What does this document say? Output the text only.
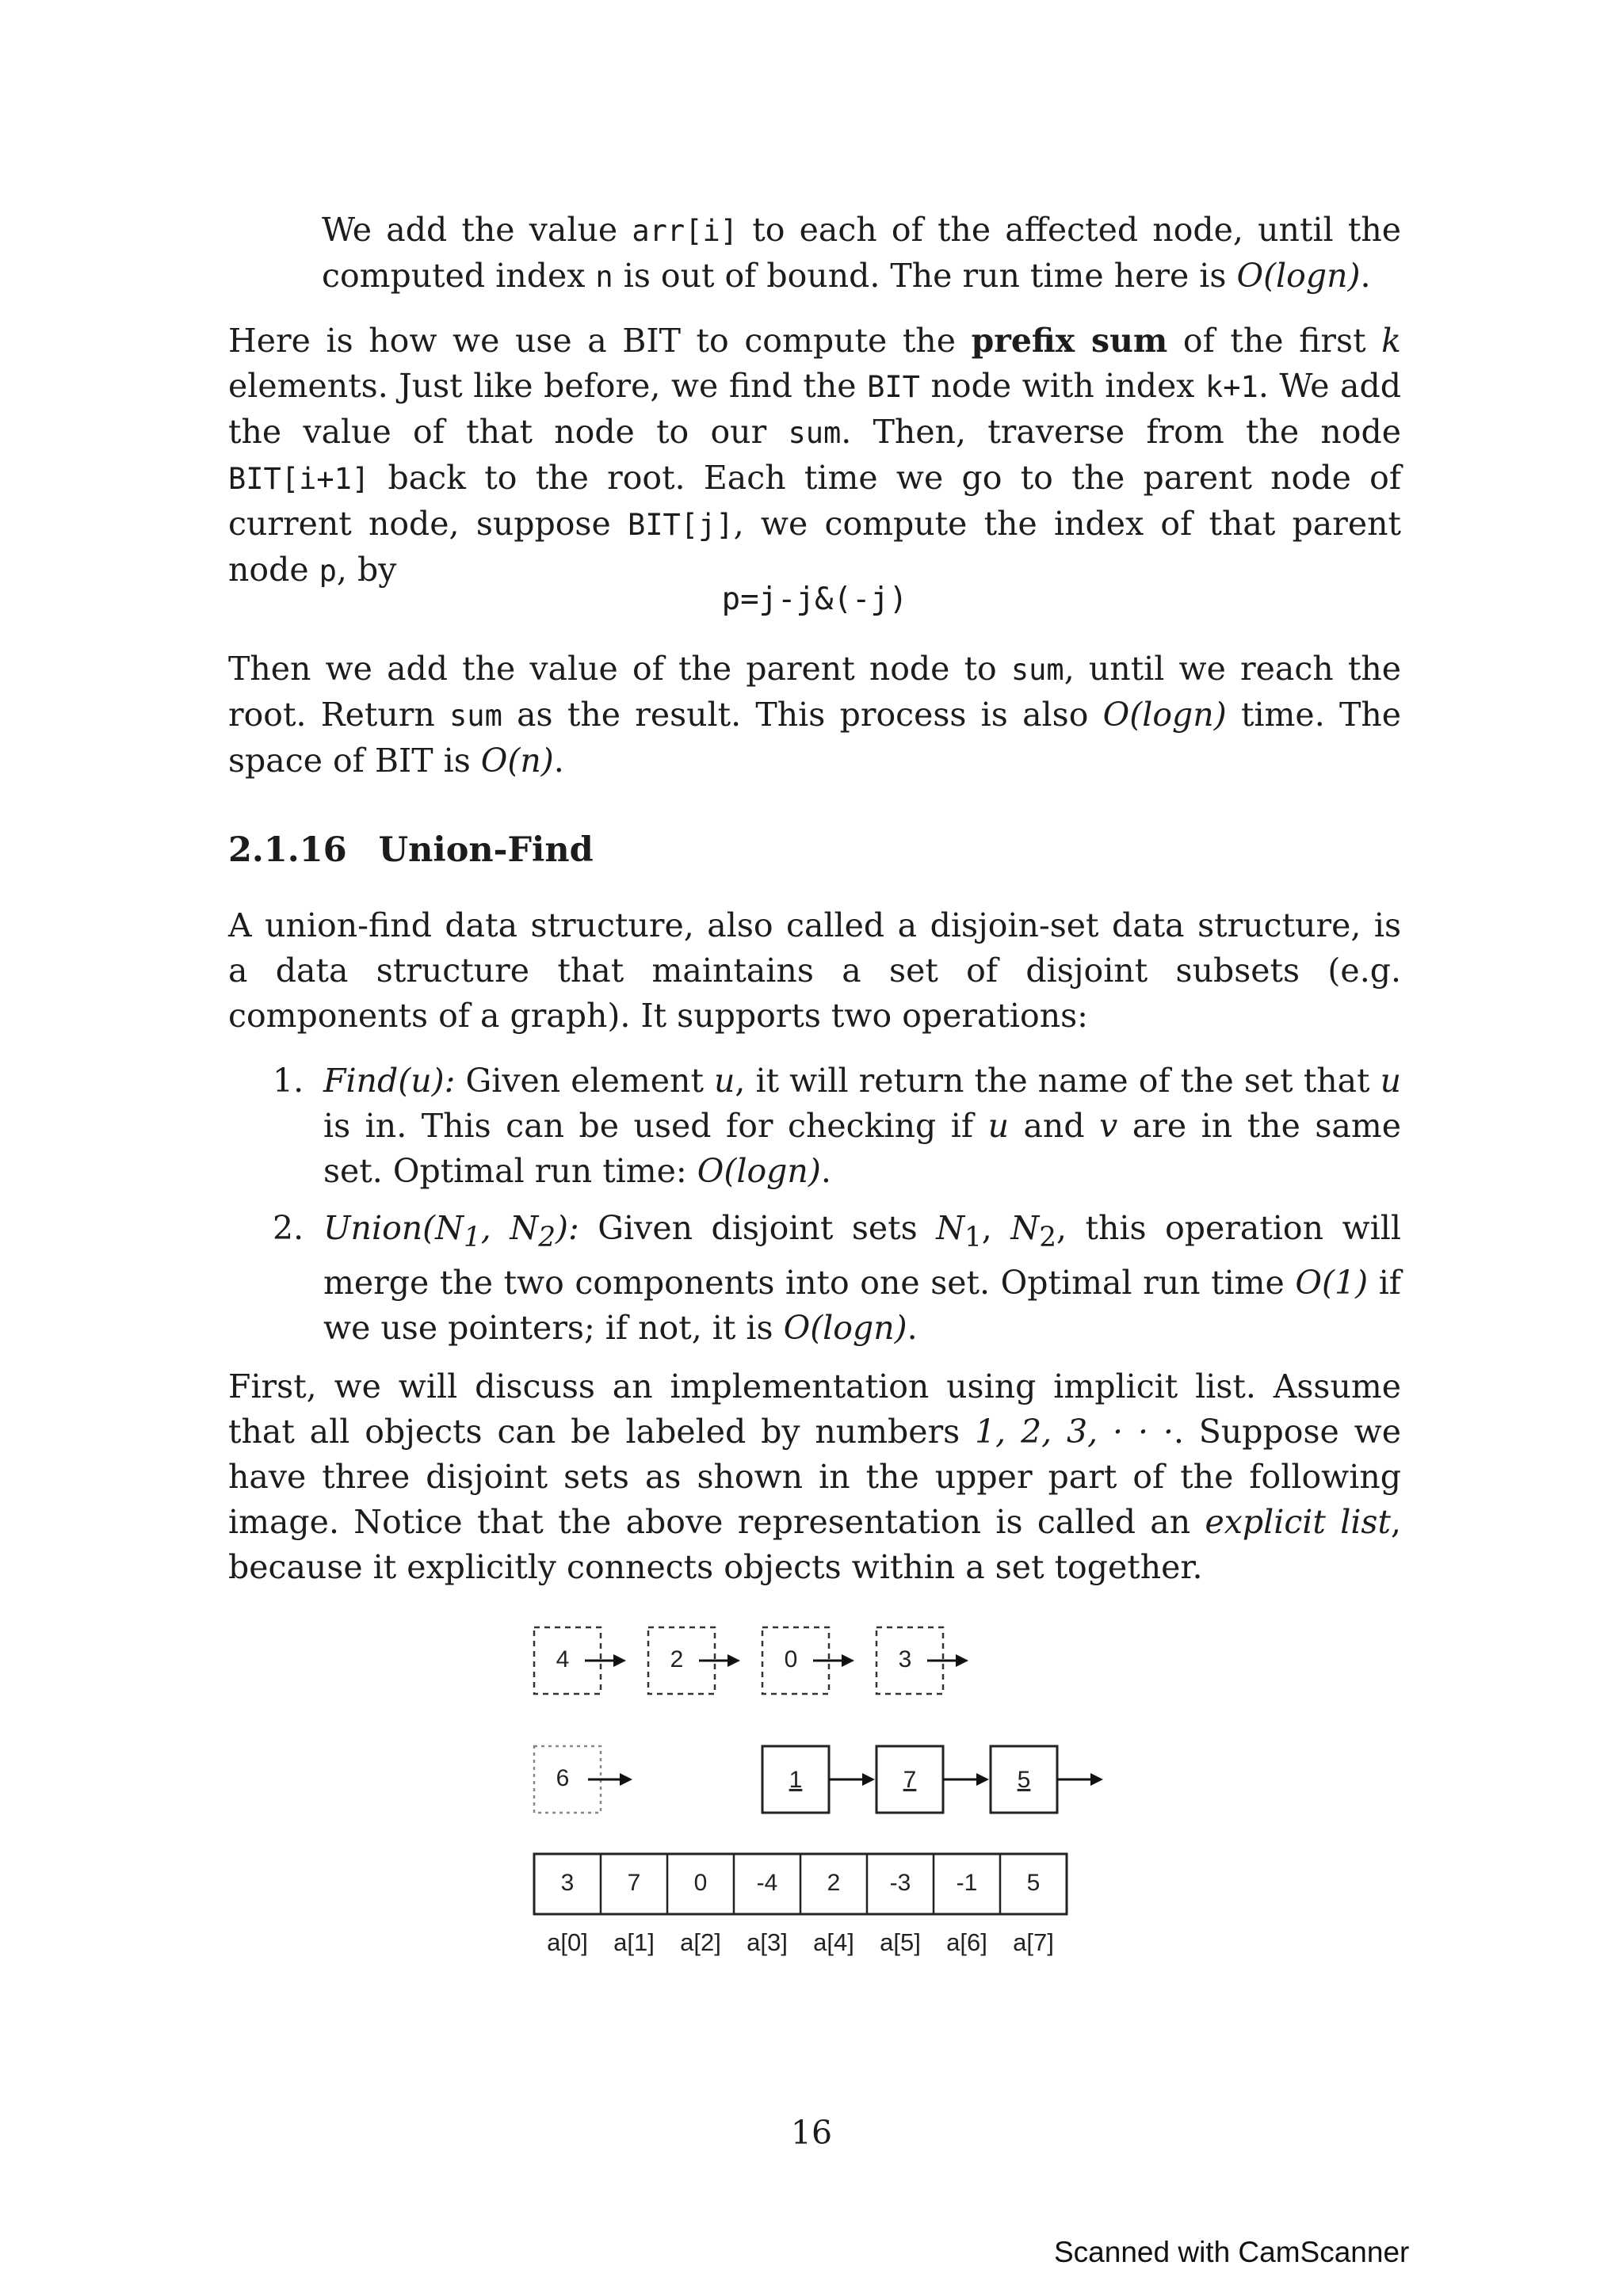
We add the value arr[i] to each of the affected node, until the computed index n is out of bound. The run time here is O(logn).

Here is how we use a BIT to compute the prefix sum of the first k elements. Just like before, we find the BIT node with index k+1. We add the value of that node to our sum. Then, traverse from the node BIT[i+1] back to the root. Each time we go to the parent node of current node, suppose BIT[j], we compute the index of that parent node p, by

p=j-j&(-j)

Then we add the value of the parent node to sum, until we reach the root. Return sum as the result. This process is also O(logn) time. The space of BIT is O(n).

2.1.16 Union-Find

A union-find data structure, also called a disjoin-set data structure, is a data structure that maintains a set of disjoint subsets (e.g. components of a graph). It supports two operations:

1. Find(u): Given element u, it will return the name of the set that u is in. This can be used for checking if u and v are in the same set. Optimal run time: O(logn).

2. $Union(N_1$, $N_2$): Given disjoint sets $N_1$, $N_2$, this operation will merge the two components into one set. Optimal run time O(1) if we use pointers; if not, it is O(logn).

First, we will discuss an implementation using implicit list. Assume that all objects can be labeled by numbers 1, 2, 3, · · ·. Suppose we have three disjoint sets as shown in the upper part of the following image. Notice that the above representation is called an explicit list, because it explicitly connects objects within a set together.

4	2	0	3
6	1	7	5
3 7 0 -4 2 -3 -1 5
a[0] a[1] a[2] a[3] a[4] a[5] a[6] a[7]
16
Scanned with CamScanner
